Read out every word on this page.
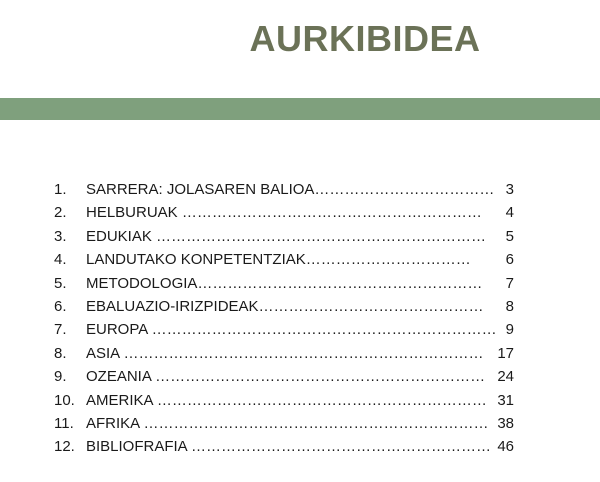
AURKIBIDEA
1. SARRERA: JOLASAREN BALIOA……………………………… 3
2. HELBURUAK …………………………………………………… 4
3. EDUKIAK ………………………………………………………… 5
4. LANDUTAKO KONPETENTZIAK…………………………… 6
5. METODOLOGIA………………………………………………… 7
6. EBALUAZIO-IRIZPIDEAK……………………………………… 8
7. EUROPA …………………………………………………………… 9
8. ASIA ……………………………………………………………… 17
9. OZEANIA ………………………………………………………… 24
10. AMERIKA ………………………………………………………… 31
11. AFRIKA …………………………………………………………… 38
12. BIBLIOFRAFIA …………………………………………………… 46
